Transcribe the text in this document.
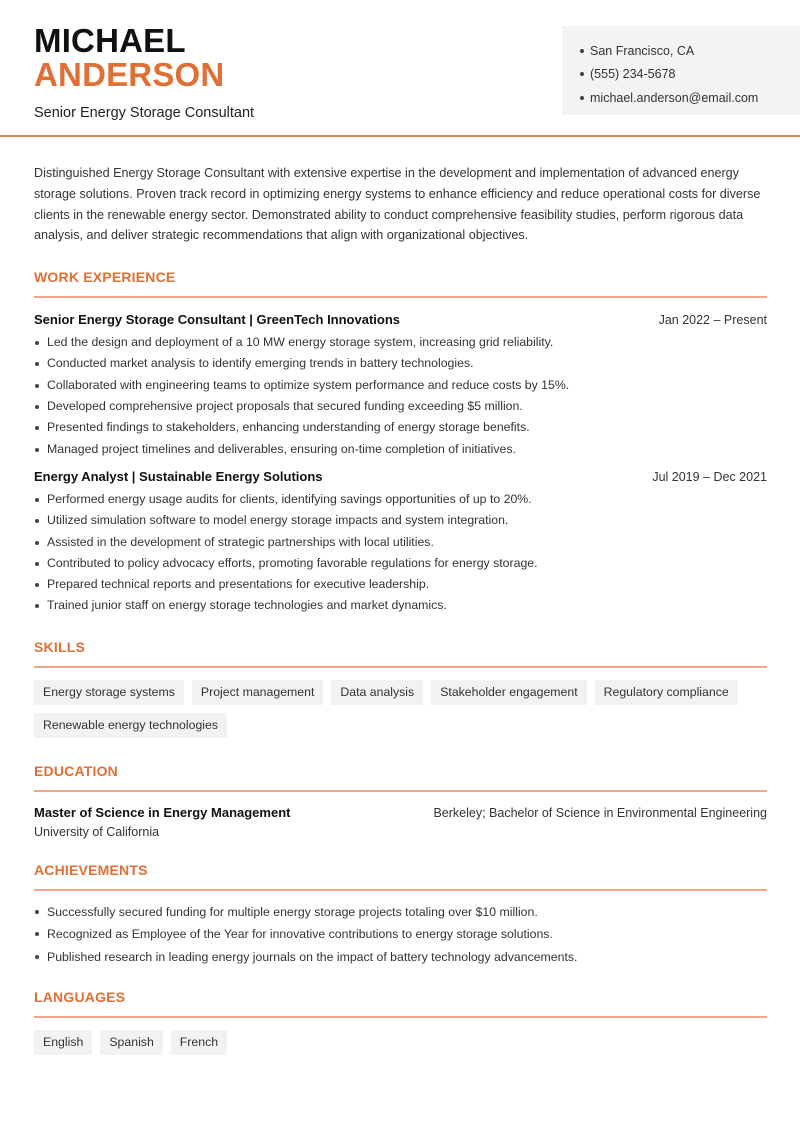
MICHAEL
ANDERSON
Senior Energy Storage Consultant
San Francisco, CA
(555) 234-5678
michael.anderson@email.com

Distinguished Energy Storage Consultant with extensive expertise in the development and implementation of advanced energy storage solutions. Proven track record in optimizing energy systems to enhance efficiency and reduce operational costs for diverse clients in the renewable energy sector. Demonstrated ability to conduct comprehensive feasibility studies, perform rigorous data analysis, and deliver strategic recommendations that align with organizational objectives.

WORK EXPERIENCE
Senior Energy Storage Consultant | GreenTech Innovations	Jan 2022 – Present
Led the design and deployment of a 10 MW energy storage system, increasing grid reliability.
Conducted market analysis to identify emerging trends in battery technologies.
Collaborated with engineering teams to optimize system performance and reduce costs by 15%.
Developed comprehensive project proposals that secured funding exceeding $5 million.
Presented findings to stakeholders, enhancing understanding of energy storage benefits.
Managed project timelines and deliverables, ensuring on-time completion of initiatives.
Energy Analyst | Sustainable Energy Solutions	Jul 2019 – Dec 2021
Performed energy usage audits for clients, identifying savings opportunities of up to 20%.
Utilized simulation software to model energy storage impacts and system integration.
Assisted in the development of strategic partnerships with local utilities.
Contributed to policy advocacy efforts, promoting favorable regulations for energy storage.
Prepared technical reports and presentations for executive leadership.
Trained junior staff on energy storage technologies and market dynamics.
SKILLS
Energy storage systems	Project management	Data analysis	Stakeholder engagement	Regulatory compliance
Renewable energy technologies
EDUCATION
Master of Science in Energy Management	Berkeley; Bachelor of Science in Environmental Engineering
University of California
ACHIEVEMENTS
Successfully secured funding for multiple energy storage projects totaling over $10 million.
Recognized as Employee of the Year for innovative contributions to energy storage solutions.
Published research in leading energy journals on the impact of battery technology advancements.
LANGUAGES
English	Spanish	French
